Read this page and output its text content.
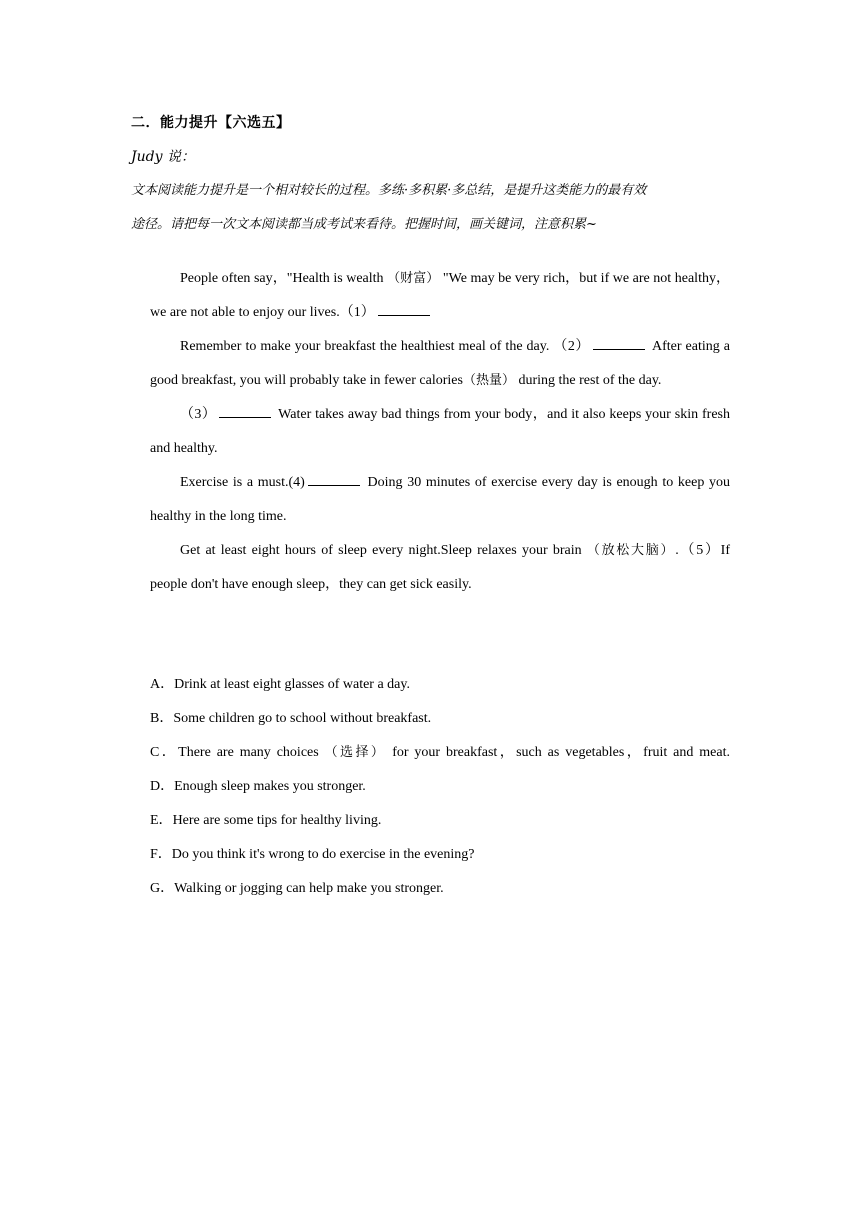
二．能力提升【六选五】
Judy 说：
文本阅读能力提升是一个相对较长的过程。多练·多积累·多总结，是提升这类能力的最有效
途径。请把每一次文本阅读都当成考试来看待。把握时间，画关键词，注意积累~

People often say，"Health is wealth （财富） "We may be very rich，but if we are not healthy，we are not able to enjoy our lives.（1）

Remember to make your breakfast the healthiest meal of the day. （2）	After eating a good breakfast, you will probably take in fewer calories（热量） during the rest of the day.

（3）	Water takes away bad things from your body，and it also keeps your skin fresh and healthy.

Exercise is a must.(4)	Doing 30 minutes of exercise every day is enough to keep you healthy in the long time.

Get at least eight hours of sleep every night.Sleep relaxes your brain （放松大脑）.（5）If people don't have enough sleep，they can get sick easily.

A．Drink at least eight glasses of water a day.
B．Some children go to school without breakfast.
C．There are many choices （选择） for your breakfast，such as vegetables，fruit and meat.
D．Enough sleep makes you stronger.
E．Here are some tips for healthy living.
F．Do you think it's wrong to do exercise in the evening?
G．Walking or jogging can help make you stronger.
